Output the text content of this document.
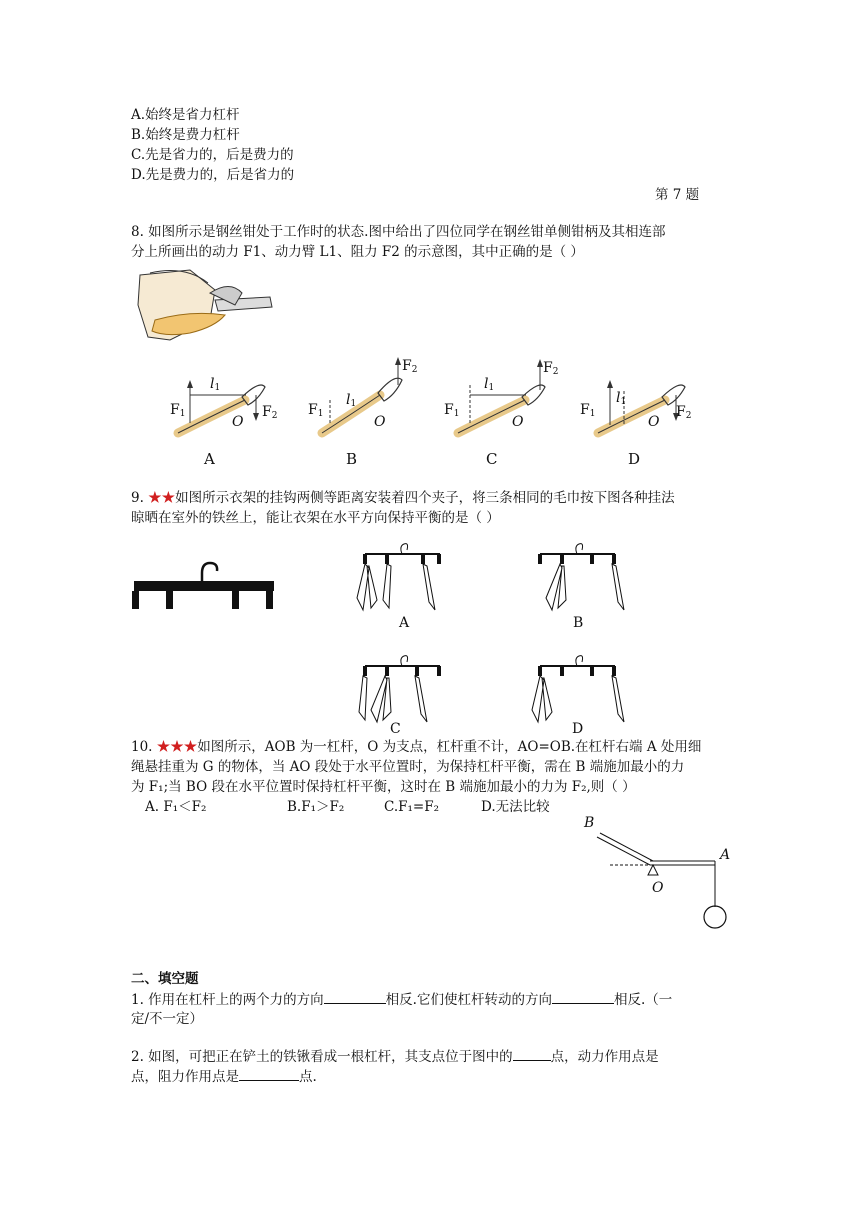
A.始终是省力杠杆
B.始终是费力杠杆
C.先是省力的，后是费力的
D.先是费力的，后是省力的
第 7 题
8. 如图所示是钢丝钳处于工作时的状态.图中给出了四位同学在钢丝钳单侧钳柄及其相连部
分上所画出的动力 F1、动力臂 L1、阻力 F2 的示意图，其中正确的是（ ）
$F_1$
$l_1$
O
$F_2$ $F_1$
$l_1$
O
$F_2$
$F_1$
$l_1$
O
$F_2$
$F_1$
$l_1$
O
$F_2$
A	B	C	D
9. ★★如图所示衣架的挂钩两侧等距离安装着四个夹子，将三条相同的毛巾按下图各种挂法
晾晒在室外的铁丝上，能让衣架在水平方向保持平衡的是（ ）
A	B
C	D
10. ★★★如图所示，AOB 为一杠杆，O 为支点，杠杆重不计，AO=OB.在杠杆右端 A 处用细
绳悬挂重为 G 的物体，当 AO 段处于水平位置时，为保持杠杆平衡，需在 B 端施加最小的力
为 F₁;当 BO 段在水平位置时保持杠杆平衡，这时在 B 端施加最小的力为 F₂,则（ ）
A. F₁＜F₂	B.F₁＞F₂	C.F₁=F₂	D.无法比较
B
A
O
二、填空题
1. 作用在杠杆上的两个力的方向	相反.它们使杠杆转动的方向	相反.（一
定/不一定）
2. 如图，可把正在铲土的铁锹看成一根杠杆，其支点位于图中的	点，动力作用点是
点，阻力作用点是	点.
